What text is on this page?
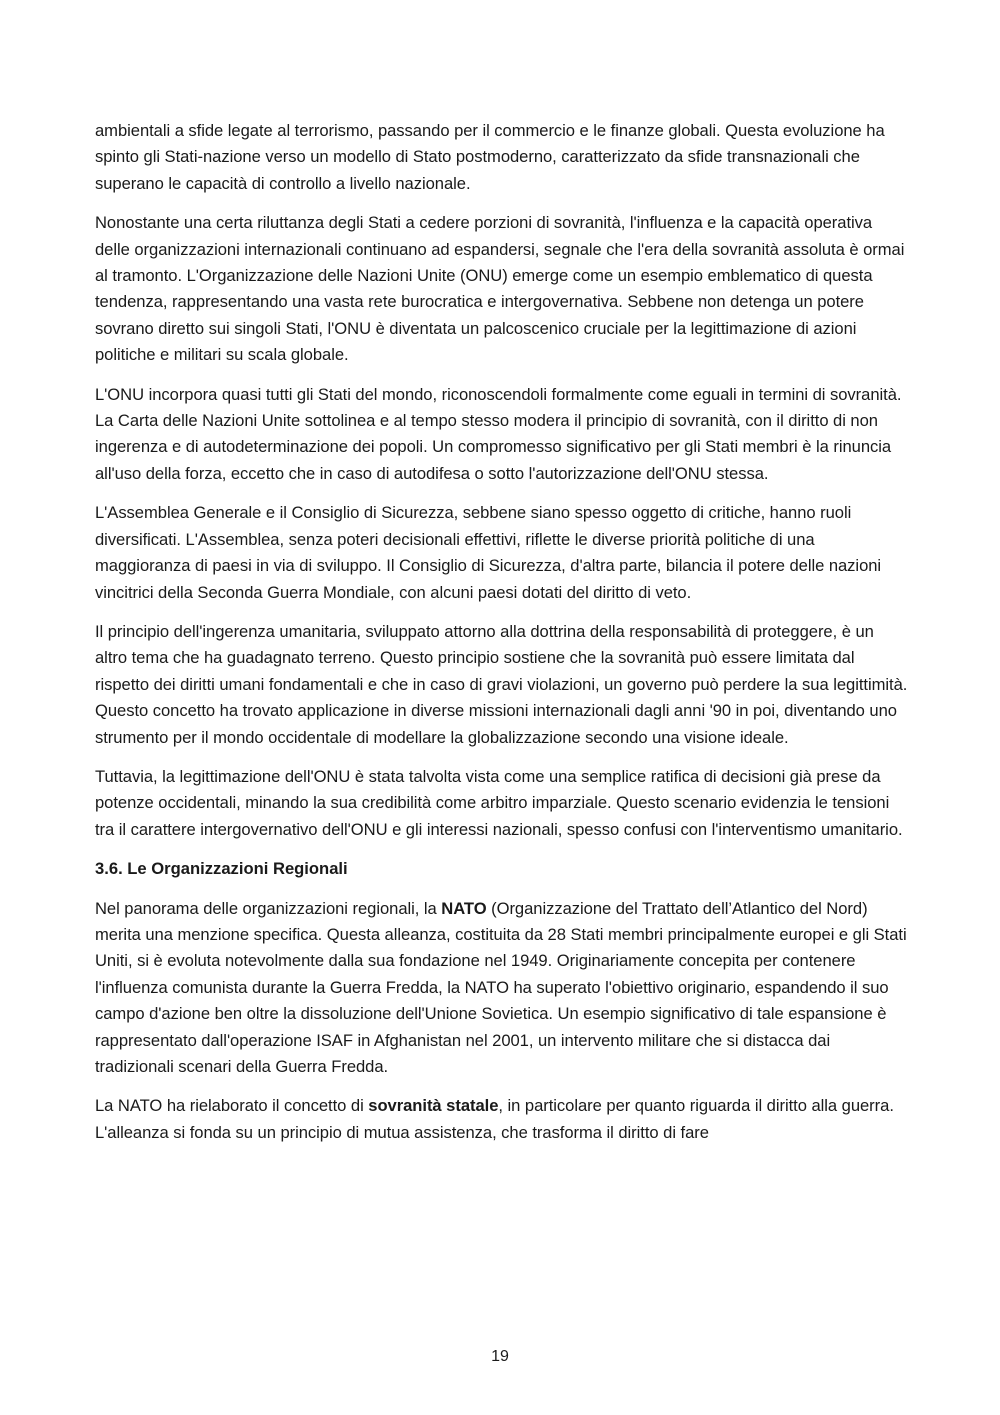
ambientali a sfide legate al terrorismo, passando per il commercio e le finanze globali. Questa evoluzione ha spinto gli Stati-nazione verso un modello di Stato postmoderno, caratterizzato da sfide transnazionali che superano le capacità di controllo a livello nazionale.

Nonostante una certa riluttanza degli Stati a cedere porzioni di sovranità, l'influenza e la capacità operativa delle organizzazioni internazionali continuano ad espandersi, segnale che l'era della sovranità assoluta è ormai al tramonto. L'Organizzazione delle Nazioni Unite (ONU) emerge come un esempio emblematico di questa tendenza, rappresentando una vasta rete burocratica e intergovernativa. Sebbene non detenga un potere sovrano diretto sui singoli Stati, l'ONU è diventata un palcoscenico cruciale per la legittimazione di azioni politiche e militari su scala globale.

L'ONU incorpora quasi tutti gli Stati del mondo, riconoscendoli formalmente come eguali in termini di sovranità. La Carta delle Nazioni Unite sottolinea e al tempo stesso modera il principio di sovranità, con il diritto di non ingerenza e di autodeterminazione dei popoli. Un compromesso significativo per gli Stati membri è la rinuncia all'uso della forza, eccetto che in caso di autodifesa o sotto l'autorizzazione dell'ONU stessa.

L'Assemblea Generale e il Consiglio di Sicurezza, sebbene siano spesso oggetto di critiche, hanno ruoli diversificati. L'Assemblea, senza poteri decisionali effettivi, riflette le diverse priorità politiche di una maggioranza di paesi in via di sviluppo. Il Consiglio di Sicurezza, d'altra parte, bilancia il potere delle nazioni vincitrici della Seconda Guerra Mondiale, con alcuni paesi dotati del diritto di veto.

Il principio dell'ingerenza umanitaria, sviluppato attorno alla dottrina della responsabilità di proteggere, è un altro tema che ha guadagnato terreno. Questo principio sostiene che la sovranità può essere limitata dal rispetto dei diritti umani fondamentali e che in caso di gravi violazioni, un governo può perdere la sua legittimità. Questo concetto ha trovato applicazione in diverse missioni internazionali dagli anni '90 in poi, diventando uno strumento per il mondo occidentale di modellare la globalizzazione secondo una visione ideale.

Tuttavia, la legittimazione dell'ONU è stata talvolta vista come una semplice ratifica di decisioni già prese da potenze occidentali, minando la sua credibilità come arbitro imparziale. Questo scenario evidenzia le tensioni tra il carattere intergovernativo dell'ONU e gli interessi nazionali, spesso confusi con l'interventismo umanitario.

3.6. Le Organizzazioni Regionali

Nel panorama delle organizzazioni regionali, la NATO (Organizzazione del Trattato dell’Atlantico del Nord) merita una menzione specifica. Questa alleanza, costituita da 28 Stati membri principalmente europei e gli Stati Uniti, si è evoluta notevolmente dalla sua fondazione nel 1949. Originariamente concepita per contenere l'influenza comunista durante la Guerra Fredda, la NATO ha superato l'obiettivo originario, espandendo il suo campo d'azione ben oltre la dissoluzione dell'Unione Sovietica. Un esempio significativo di tale espansione è rappresentato dall'operazione ISAF in Afghanistan nel 2001, un intervento militare che si distacca dai tradizionali scenari della Guerra Fredda.

La NATO ha rielaborato il concetto di sovranità statale, in particolare per quanto riguarda il diritto alla guerra. L'alleanza si fonda su un principio di mutua assistenza, che trasforma il diritto di fare

19
